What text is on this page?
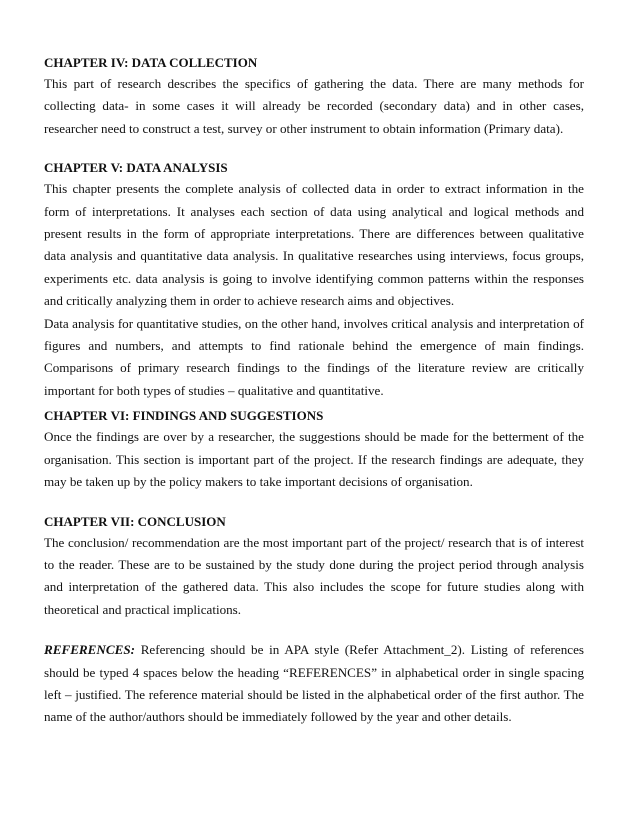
CHAPTER IV: DATA COLLECTION

This part of research describes the specifics of gathering the data. There are many methods for collecting data- in some cases it will already be recorded (secondary data) and in other cases, researcher need to construct a test, survey or other instrument to obtain information (Primary data).

CHAPTER V: DATA ANALYSIS

This chapter presents the complete analysis of collected data in order to extract information in the form of interpretations. It analyses each section of data using analytical and logical methods and present results in the form of appropriate interpretations. There are differences between qualitative data analysis and quantitative data analysis. In qualitative researches using interviews, focus groups, experiments etc. data analysis is going to involve identifying common patterns within the responses and critically analyzing them in order to achieve research aims and objectives.

Data analysis for quantitative studies, on the other hand, involves critical analysis and interpretation of figures and numbers, and attempts to find rationale behind the emergence of main findings. Comparisons of primary research findings to the findings of the literature review are critically important for both types of studies – qualitative and quantitative.

CHAPTER VI: FINDINGS AND SUGGESTIONS

Once the findings are over by a researcher, the suggestions should be made for the betterment of the organisation. This section is important part of the project. If the research findings are adequate, they may be taken up by the policy makers to take important decisions of organisation.

CHAPTER VII: CONCLUSION

The conclusion/ recommendation are the most important part of the project/ research that is of interest to the reader. These are to be sustained by the study done during the project period through analysis and interpretation of the gathered data. This also includes the scope for future studies along with theoretical and practical implications.

REFERENCES: Referencing should be in APA style (Refer Attachment_2). Listing of references should be typed 4 spaces below the heading “REFERENCES” in alphabetical order in single spacing left – justified. The reference material should be listed in the alphabetical order of the first author. The name of the author/authors should be immediately followed by the year and other details.
